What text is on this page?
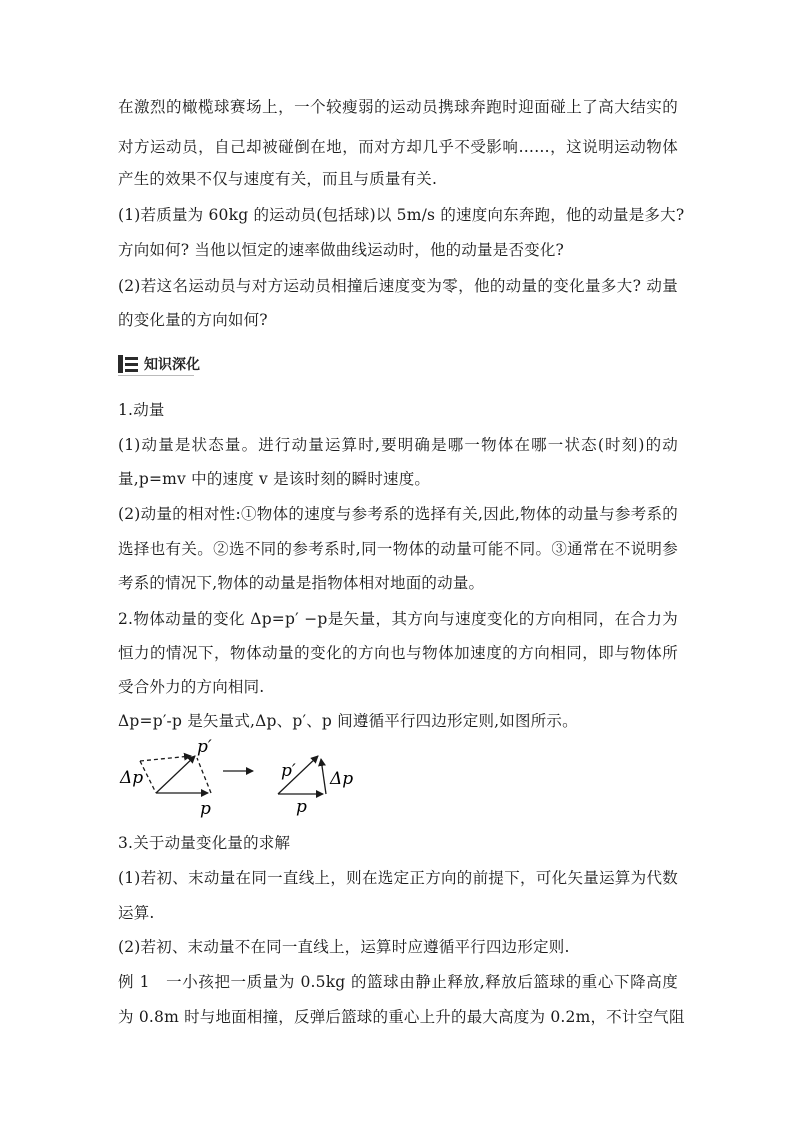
在激烈的橄榄球赛场上，一个较瘦弱的运动员携球奔跑时迎面碰上了高大结实的
对方运动员，自己却被碰倒在地，而对方却几乎不受影响……，这说明运动物体
产生的效果不仅与速度有关，而且与质量有关.
(1)若质量为 60kg 的运动员(包括球)以 5m/s 的速度向东奔跑，他的动量是多大?
方向如何? 当他以恒定的速率做曲线运动时，他的动量是否变化?
(2)若这名运动员与对方运动员相撞后速度变为零，他的动量的变化量多大? 动量
的变化量的方向如何?
知识深化
1.动量
(1)动量是状态量。进行动量运算时,要明确是哪一物体在哪一状态(时刻)的动
量,p=mv 中的速度 v 是该时刻的瞬时速度。
(2)动量的相对性:①物体的速度与参考系的选择有关,因此,物体的动量与参考系的
选择也有关。②选不同的参考系时,同一物体的动量可能不同。③通常在不说明参
考系的情况下,物体的动量是指物体相对地面的动量。
2.物体动量的变化 Δp=p′ −p是矢量，其方向与速度变化的方向相同，在合力为
恒力的情况下，物体动量的变化的方向也与物体加速度的方向相同，即与物体所
受合外力的方向相同.
Δp=p′-p 是矢量式,Δp、p′、p 间遵循平行四边形定则,如图所示。
Δp
p′
p
p′ Δp
p
3.关于动量变化量的求解
(1)若初、末动量在同一直线上，则在选定正方向的前提下，可化矢量运算为代数
运算.
(2)若初、末动量不在同一直线上，运算时应遵循平行四边形定则.
例 1　一小孩把一质量为 0.5kg 的篮球由静止释放,释放后篮球的重心下降高度
为 0.8m 时与地面相撞，反弹后篮球的重心上升的最大高度为 0.2m，不计空气阻
